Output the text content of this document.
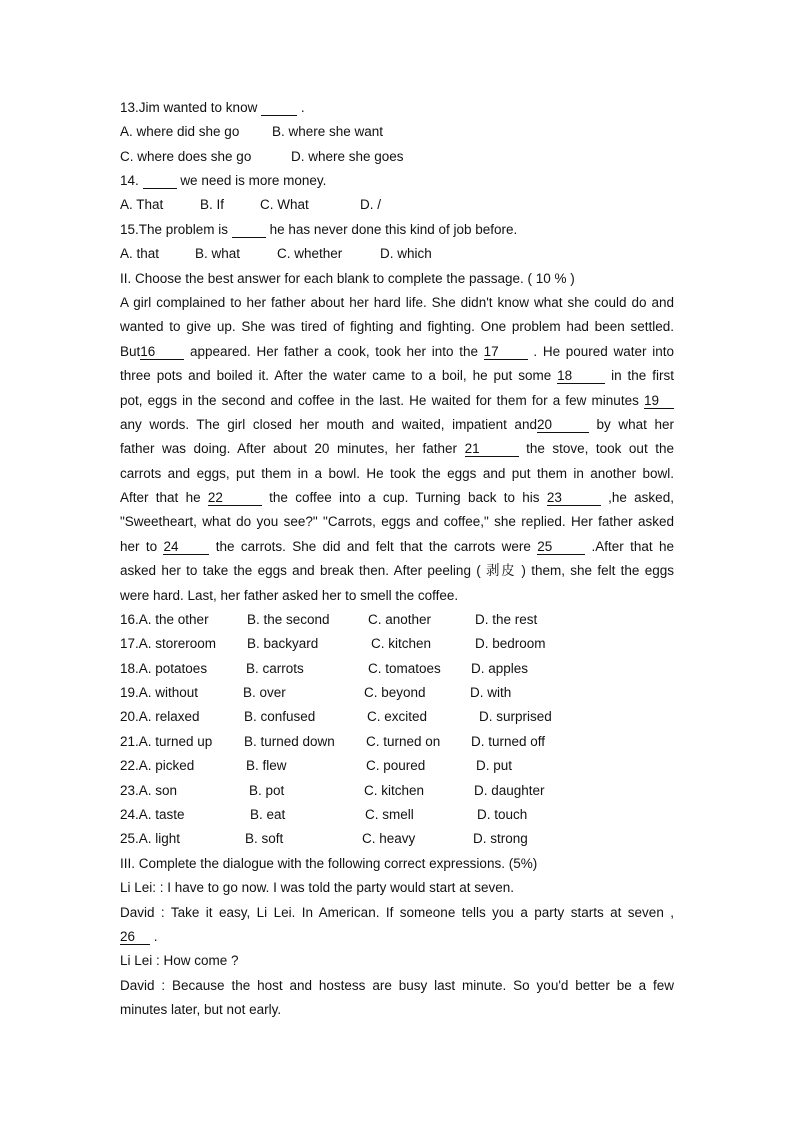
13.Jim wanted to know	.
A. where did she go B. where she want
C. where does she go	D. where she goes
14.	we need is more money.
A. That	B. If	C. What	D. /
15.The problem is	he has never done this kind of job before.
A. that	B. what	C. whether	D. which
II. Choose the best answer for each blank to complete the passage. ( 10 % )
A girl complained to her father about her hard life. She didn't know what she could do and
wanted to give up. She was tired of fighting and fighting. One problem had been settled.
But16	appeared. Her father a cook, took her into the 17	. He poured water into
three pots and boiled it. After the water came to a boil, he put some 18	in the first
pot, eggs in the second and coffee in the last. He waited for them for a few minutes 19
any words. The girl closed her mouth and waited, impatient and20	by what her
father was doing. After about 20 minutes, her father 21	the stove, took out the
carrots and eggs, put them in a bowl. He took the eggs and put them in another bowl.
After that he 22	the coffee into a cup. Turning back to his 23	,he asked,
"Sweetheart, what do you see?" "Carrots, eggs and coffee," she replied. Her father asked
her to 24	the carrots. She did and felt that the carrots were 25	.After that he
asked her to take the eggs and break then. After peeling ( 剥皮 ) them, she felt the eggs
were hard. Last, her father asked her to smell the coffee.
16.A. the other	B. the second	C. another	D. the rest
17.A. storeroom B. backyard	C. kitchen	D. bedroom
18.A. potatoes	B. carrots	C. tomatoes D. apples
19.A. without	B. over	C. beyond	D. with
20.A. relaxed	B. confused	C. excited	D. surprised
21.A. turned up B. turned down C. turned on D. turned off
22.A. picked	B. flew	C. poured	D. put
23.A. son	B. pot	C. kitchen	D. daughter
24.A. taste	B. eat	C. smell	D. touch
25.A. light	B. soft	C. heavy	D. strong
III. Complete the dialogue with the following correct expressions. (5%)
Li Lei: : I have to go now. I was told the party would start at seven.
David : Take it easy, Li Lei. In American. If someone tells you a party starts at seven ,
26 .
Li Lei : How come ?
David : Because the host and hostess are busy last minute. So you'd better be a few
minutes later, but not early.
